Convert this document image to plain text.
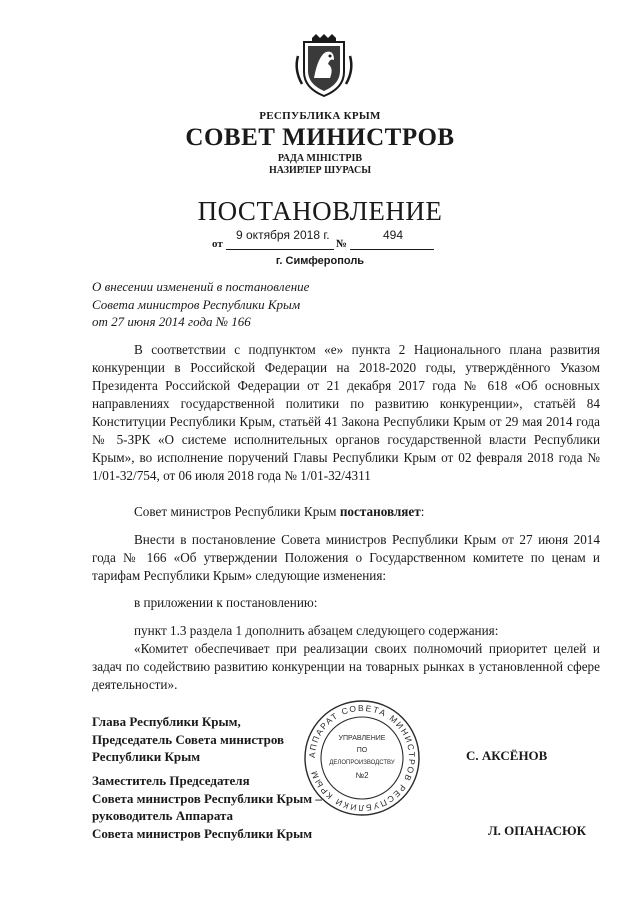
РЕСПУБЛИКА КРЫМ
СОВЕТ МИНИСТРОВ
РАДА МІНІСТРІВ
НАЗИРЛЕР ШУРАСЫ
ПОСТАНОВЛЕНИЕ
9 октября 2018 г.	494
от	№
г. Симферополь
О внесении изменений в постановление
Совета министров Республики Крым
от 27 июня 2014 года № 166
В соответствии с подпунктом «е» пункта 2 Национального плана развития конкуренции в Российской Федерации на 2018-2020 годы, утверждённого Указом Президента Российской Федерации от 21 декабря 2017 года № 618 «Об основных направлениях государственной политики по развитию конкуренции», статьёй 84 Конституции Республики Крым, статьёй 41 Закона Республики Крым от 29 мая 2014 года № 5-ЗРК «О системе исполнительных органов государственной власти Республики Крым», во исполнение поручений Главы Республики Крым от 02 февраля 2018 года № 1/01-32/754, от 06 июля 2018 года № 1/01-32/4311
Совет министров Республики Крым постановляет:
Внести в постановление Совета министров Республики Крым от 27 июня 2014 года № 166 «Об утверждении Положения о Государственном комитете по ценам и тарифам Республики Крым» следующие изменения:
в приложении к постановлению:
пункт 1.3 раздела 1 дополнить абзацем следующего содержания:
«Комитет обеспечивает при реализации своих полномочий приоритет целей и задач по содействию развитию конкуренции на товарных рынках в установленной сфере деятельности».
Глава Республики Крым,
Председатель Совета министров
Республики Крым	С. АКСЁНОВ
Заместитель Председателя
Совета министров Республики Крым –
руководитель Аппарата
Совета министров Республики Крым	Л. ОПАНАСЮК
АППАРАТ СОВЕТА МИНИСТРОВ РЕСПУБЛИКИ КРЫМ
УПРАВЛЕНИЕ
ПО
ДЕЛОПРОИЗВОДСТВУ
№2
